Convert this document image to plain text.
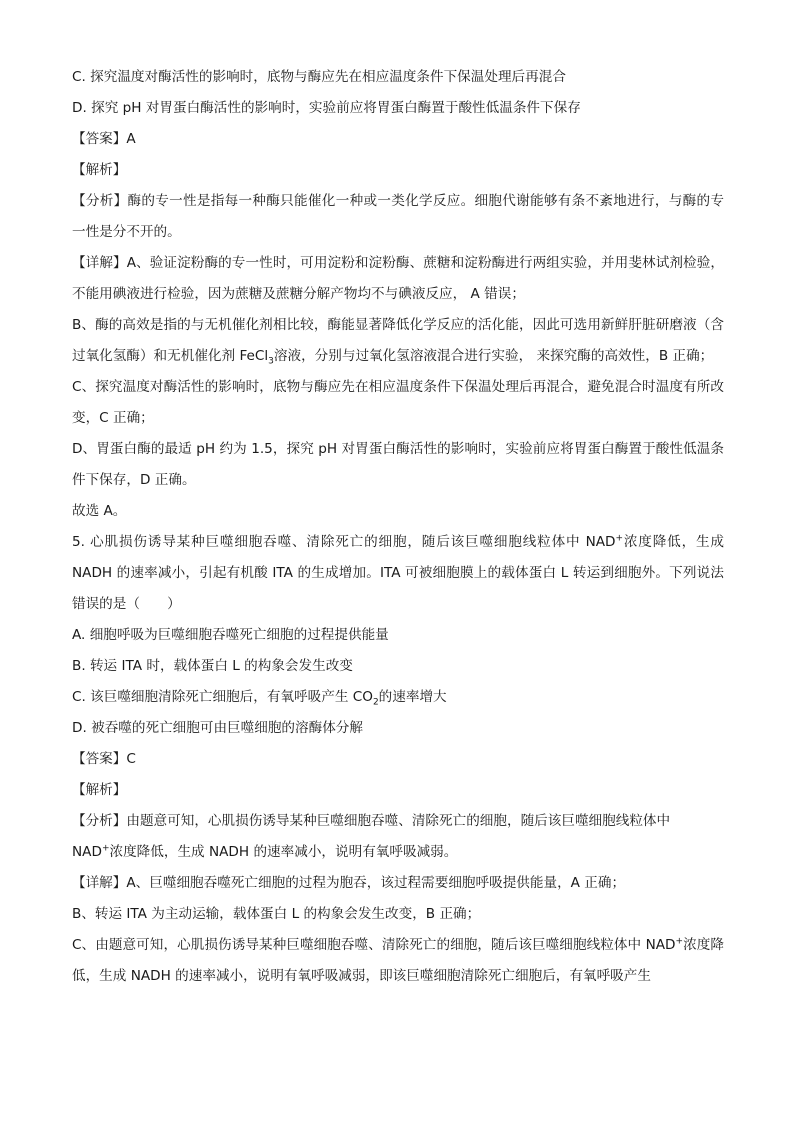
C. 探究温度对酶活性的影响时，底物与酶应先在相应温度条件下保温处理后再混合
D. 探究 pH 对胃蛋白酶活性的影响时，实验前应将胃蛋白酶置于酸性低温条件下保存
【答案】A
【解析】
【分析】酶的专一性是指每一种酶只能催化一种或一类化学反应。细胞代谢能够有条不紊地进行，与酶的专一性是分不开的。
【详解】A、验证淀粉酶的专一性时，可用淀粉和淀粉酶、蔗糖和淀粉酶进行两组实验，并用斐林试剂检验，不能用碘液进行检验，因为蔗糖及蔗糖分解产物均不与碘液反应， A 错误；
B、酶的高效是指的与无机催化剂相比较，酶能显著降低化学反应的活化能，因此可选用新鲜肝脏研磨液（含过氧化氢酶）和无机催化剂 FeCl$_3$溶液，分别与过氧化氢溶液混合进行实验， 来探究酶的高效性，B 正确；
C、探究温度对酶活性的影响时，底物与酶应先在相应温度条件下保温处理后再混合，避免混合时温度有所改变，C 正确；
D、胃蛋白酶的最适 pH 约为 1.5，探究 pH 对胃蛋白酶活性的影响时，实验前应将胃蛋白酶置于酸性低温条件下保存，D 正确。
故选 A。
5. 心肌损伤诱导某种巨噬细胞吞噬、清除死亡的细胞，随后该巨噬细胞线粒体中 NAD+浓度降低，生成 NADH 的速率减小，引起有机酸 ITA 的生成增加。ITA 可被细胞膜上的载体蛋白 L 转运到细胞外。下列说法错误的是（　　）
A. 细胞呼吸为巨噬细胞吞噬死亡细胞的过程提供能量
B. 转运 ITA 时，载体蛋白 L 的构象会发生改变
C. 该巨噬细胞清除死亡细胞后，有氧呼吸产生 $CO_2$的速率增大
D. 被吞噬的死亡细胞可由巨噬细胞的溶酶体分解
【答案】C
【解析】
【分析】由题意可知，心肌损伤诱导某种巨噬细胞吞噬、清除死亡的细胞，随后该巨噬细胞线粒体中
NAD+浓度降低，生成 NADH 的速率减小，说明有氧呼吸减弱。
【详解】A、巨噬细胞吞噬死亡细胞的过程为胞吞，该过程需要细胞呼吸提供能量，A 正确；
B、转运 ITA 为主动运输，载体蛋白 L 的构象会发生改变，B 正确；
C、由题意可知，心肌损伤诱导某种巨噬细胞吞噬、清除死亡的细胞，随后该巨噬细胞线粒体中 NAD+浓度降低，生成 NADH 的速率减小，说明有氧呼吸减弱，即该巨噬细胞清除死亡细胞后，有氧呼吸产生
